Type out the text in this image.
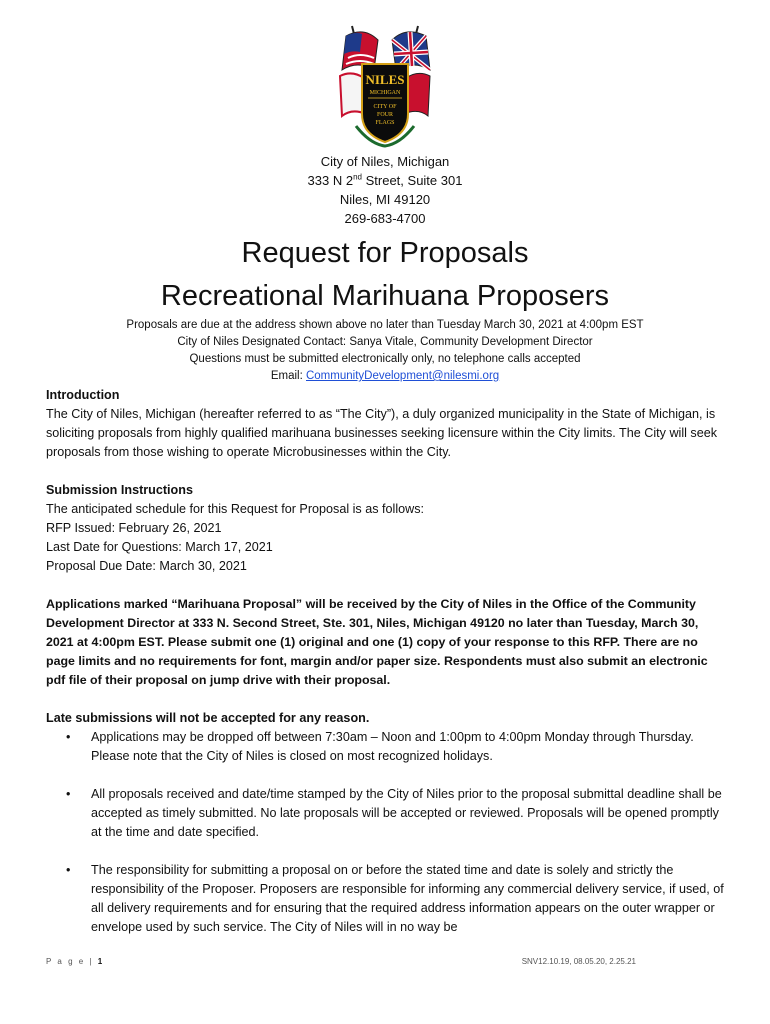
NILES
MICHIGAN
CITY OF
FOUR
FLAGS
City of Niles, Michigan
333 N 2nd Street, Suite 301
Niles, MI 49120
269-683-4700
Request for Proposals
Recreational Marihuana Proposers
Proposals are due at the address shown above no later than Tuesday March 30, 2021 at 4:00pm EST
City of Niles Designated Contact: Sanya Vitale, Community Development Director
Questions must be submitted electronically only, no telephone calls accepted
Email: CommunityDevelopment@nilesmi.org

Introduction

The City of Niles, Michigan (hereafter referred to as “The City”), a duly organized municipality in the State of Michigan, is soliciting proposals from highly qualified marihuana businesses seeking licensure within the City limits. The City will seek proposals from those wishing to operate Microbusinesses within the City.

Submission Instructions

The anticipated schedule for this Request for Proposal is as follows:

RFP Issued: February 26, 2021

Last Date for Questions: March 17, 2021

Proposal Due Date: March 30, 2021

Applications marked “Marihuana Proposal” will be received by the City of Niles in the Office of the Community Development Director at 333 N. Second Street, Ste. 301, Niles, Michigan 49120 no later than Tuesday, March 30, 2021 at 4:00pm EST. Please submit one (1) original and one (1) copy of your response to this RFP. There are no page limits and no requirements for font, margin and/or paper size. Respondents must also submit an electronic pdf file of their proposal on jump drive with their proposal.

Late submissions will not be accepted for any reason.

• Applications may be dropped off between 7:30am – Noon and 1:00pm to 4:00pm Monday through Thursday. Please note that the City of Niles is closed on most recognized holidays.
• All proposals received and date/time stamped by the City of Niles prior to the proposal submittal deadline shall be accepted as timely submitted. No late proposals will be accepted or reviewed. Proposals will be opened promptly at the time and date specified.
• The responsibility for submitting a proposal on or before the stated time and date is solely and strictly the responsibility of the Proposer. Proposers are responsible for informing any commercial delivery service, if used, of all delivery requirements and for ensuring that the required address information appears on the outer wrapper or envelope used by such service. The City of Niles will in no way be
P a g e | 1	SNV12.10.19, 08.05.20, 2.25.21
